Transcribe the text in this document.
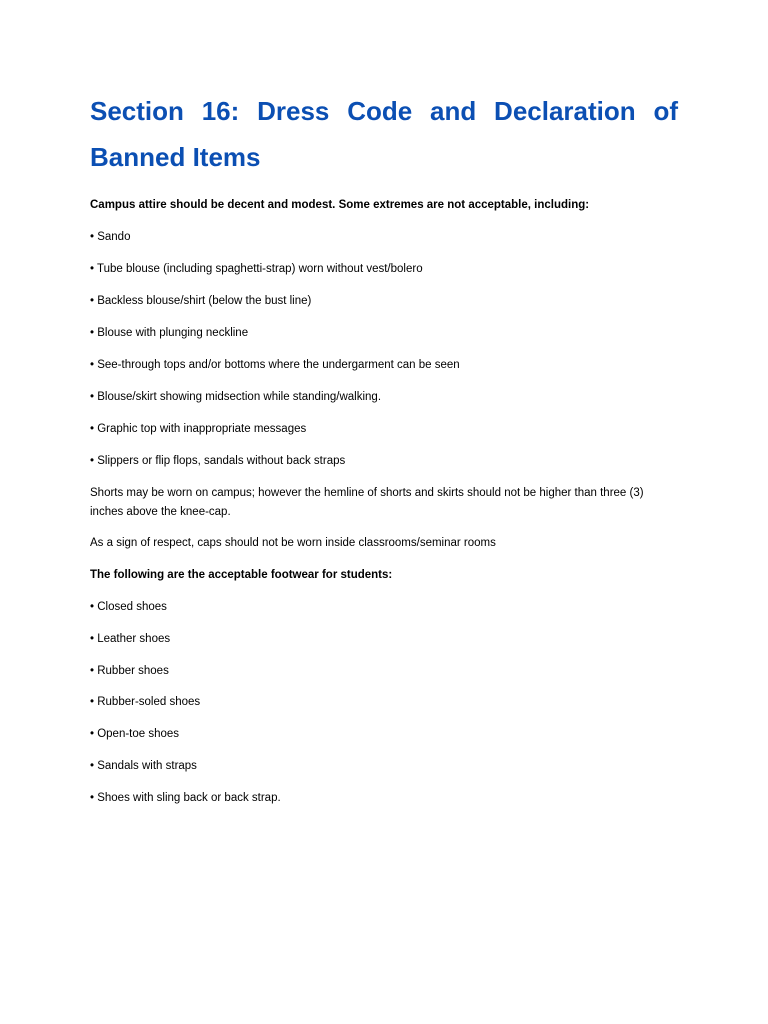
Section 16: Dress Code and Declaration of Banned Items

Campus attire should be decent and modest. Some extremes are not acceptable, including:

• Sando

• Tube blouse (including spaghetti-strap) worn without vest/bolero

• Backless blouse/shirt (below the bust line)

• Blouse with plunging neckline

• See-through tops and/or bottoms where the undergarment can be seen

• Blouse/skirt showing midsection while standing/walking.

• Graphic top with inappropriate messages

• Slippers or flip flops, sandals without back straps

Shorts may be worn on campus; however the hemline of shorts and skirts should not be higher than three (3) inches above the knee-cap.

As a sign of respect, caps should not be worn inside classrooms/seminar rooms

The following are the acceptable footwear for students:

• Closed shoes

• Leather shoes

• Rubber shoes

• Rubber-soled shoes

• Open-toe shoes

• Sandals with straps

• Shoes with sling back or back strap.
